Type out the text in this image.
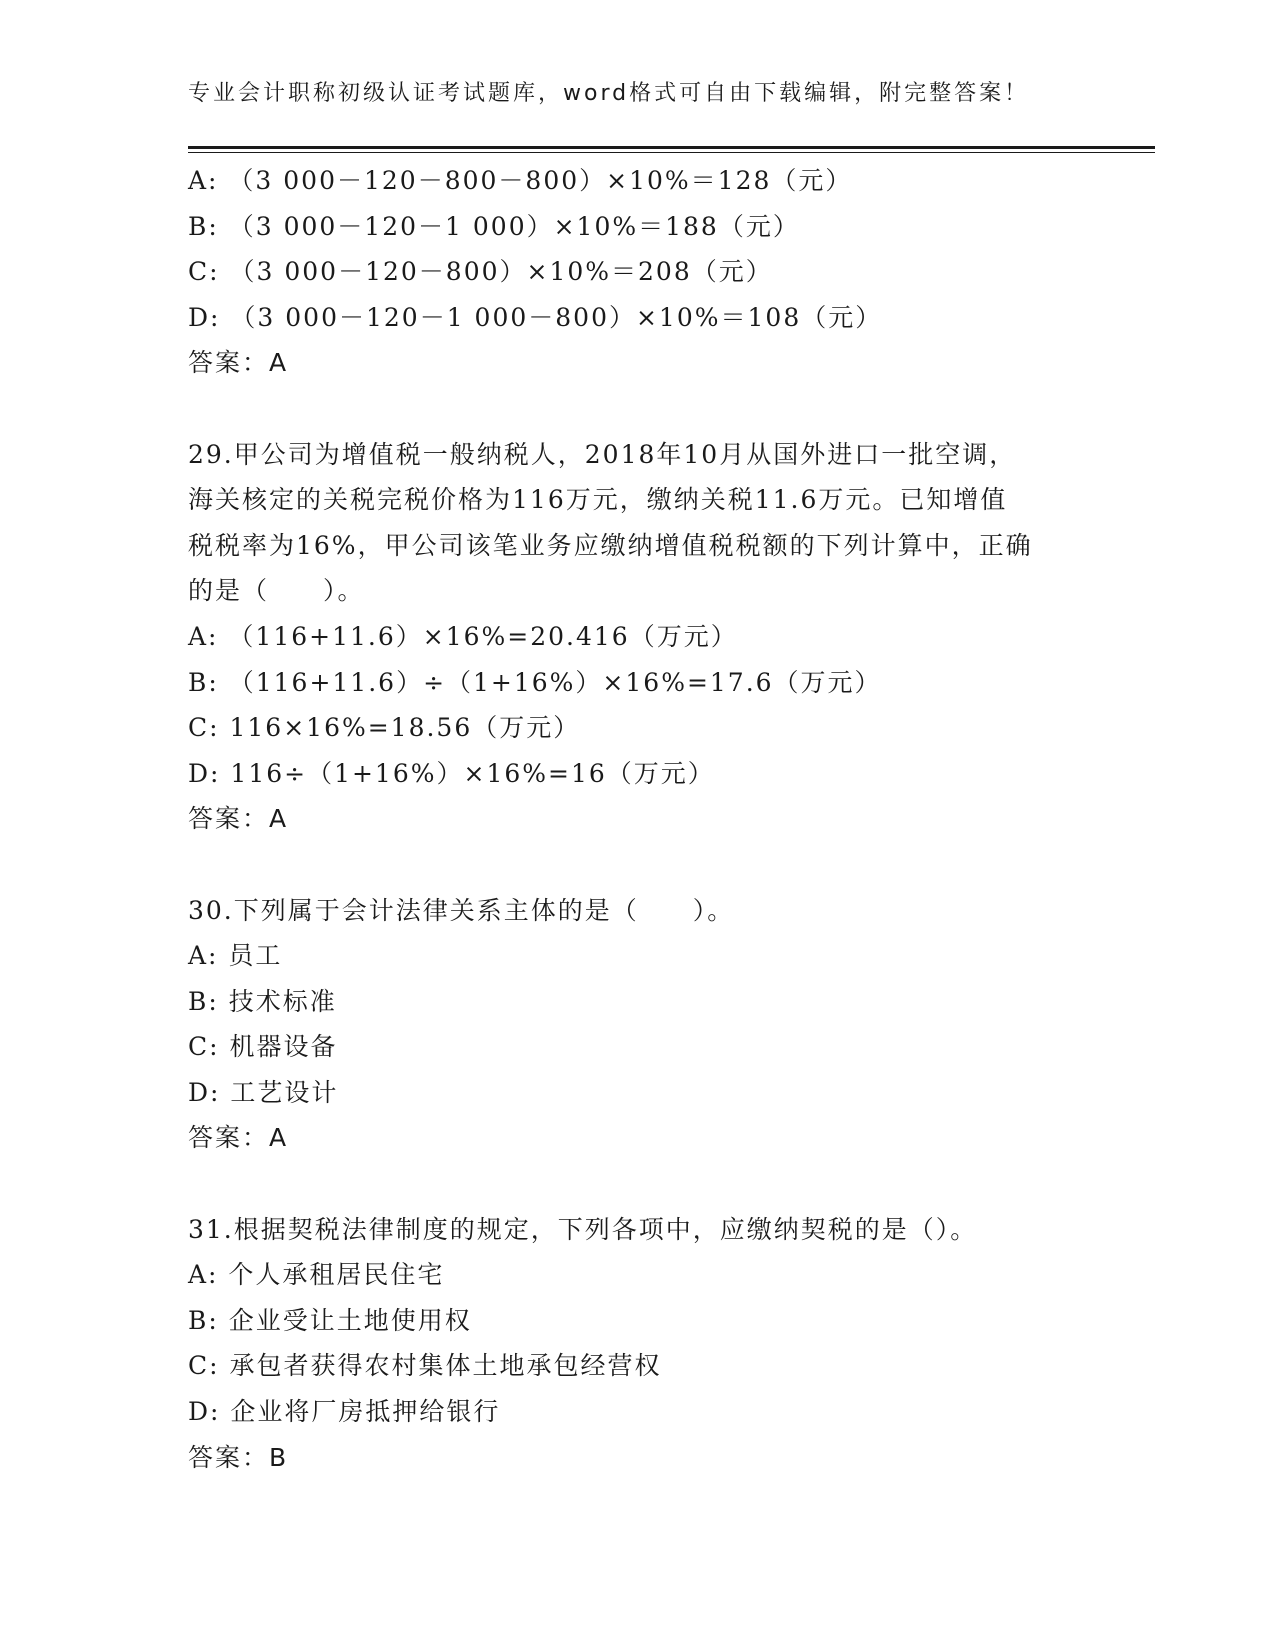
专业会计职称初级认证考试题库，word格式可自由下载编辑，附完整答案！
A: （3 000－120－800－800）×10%＝128（元）
B: （3 000－120－1 000）×10%＝188（元）
C: （3 000－120－800）×10%＝208（元）
D: （3 000－120－1 000－800）×10%＝108（元）
答案：A
29.甲公司为增值税一般纳税人，2018年10月从国外进口一批空调，
海关核定的关税完税价格为116万元，缴纳关税11.6万元。已知增值
税税率为16%，甲公司该笔业务应缴纳增值税税额的下列计算中，正确
的是（　　）。
A: （116+11.6）×16%=20.416（万元）
B: （116+11.6）÷（1+16%）×16%=17.6（万元）
C: 116×16%=18.56（万元）
D: 116÷（1+16%）×16%=16（万元）
答案：A
30.下列属于会计法律关系主体的是（　　）。
A: 员工
B: 技术标准
C: 机器设备
D: 工艺设计
答案：A
31.根据契税法律制度的规定，下列各项中，应缴纳契税的是（）。
A: 个人承租居民住宅
B: 企业受让土地使用权
C: 承包者获得农村集体土地承包经营权
D: 企业将厂房抵押给银行
答案：B
